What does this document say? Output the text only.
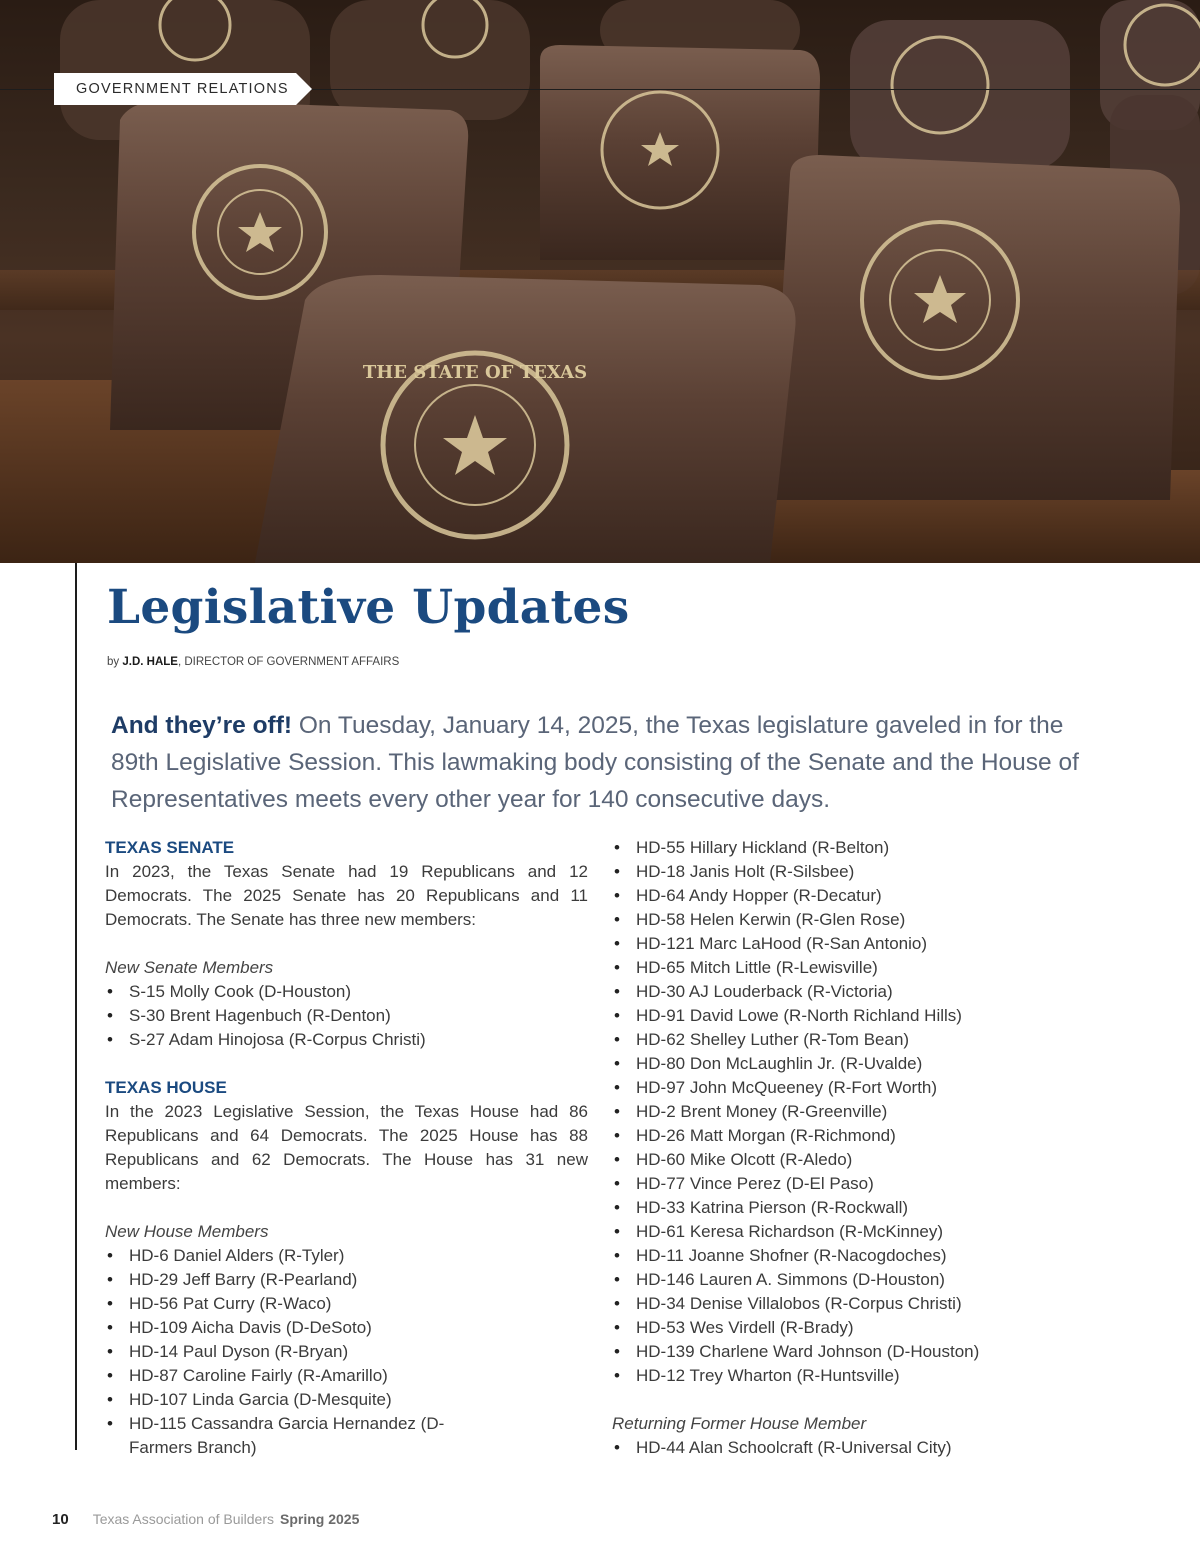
THE STATE OF TEXAS
GOVERNMENT RELATIONS
Legislative Updates
by J.D. HALE, DIRECTOR OF GOVERNMENT AFFAIRS

And they’re off! On Tuesday, January 14, 2025, the Texas legislature gaveled in for the 89th Legislative Session. This lawmaking body consisting of the Senate and the House of Representatives meets every other year for 140 consecutive days.

TEXAS SENATE

In 2023, the Texas Senate had 19 Republicans and 12 Democrats. The 2025 Senate has 20 Republicans and 11 Democrats. The Senate has three new members:

New Senate Members
• S-15 Molly Cook (D-Houston)
• S-30 Brent Hagenbuch (R-Denton)
• S-27 Adam Hinojosa (R-Corpus Christi)
TEXAS HOUSE

In the 2023 Legislative Session, the Texas House had 86 Republicans and 64 Democrats. The 2025 House has 88 Republicans and 62 Democrats. The House has 31 new members:

New House Members
• HD-6 Daniel Alders (R-Tyler)
• HD-29 Jeff Barry (R-Pearland)
• HD-56 Pat Curry (R-Waco)
• HD-109 Aicha Davis (D-DeSoto)
• HD-14 Paul Dyson (R-Bryan)
• HD-87 Caroline Fairly (R-Amarillo)
• HD-107 Linda Garcia (D-Mesquite)
• HD-115 Cassandra Garcia Hernandez (D-Farmers Branch)
• HD-55 Hillary Hickland (R-Belton)
• HD-18 Janis Holt (R-Silsbee)
• HD-64 Andy Hopper (R-Decatur)
• HD-58 Helen Kerwin (R-Glen Rose)
• HD-121 Marc LaHood (R-San Antonio)
• HD-65 Mitch Little (R-Lewisville)
• HD-30 AJ Louderback (R-Victoria)
• HD-91 David Lowe (R-North Richland Hills)
• HD-62 Shelley Luther (R-Tom Bean)
• HD-80 Don McLaughlin Jr. (R-Uvalde)
• HD-97 John McQueeney (R-Fort Worth)
• HD-2 Brent Money (R-Greenville)
• HD-26 Matt Morgan (R-Richmond)
• HD-60 Mike Olcott (R-Aledo)
• HD-77 Vince Perez (D-El Paso)
• HD-33 Katrina Pierson (R-Rockwall)
• HD-61 Keresa Richardson (R-McKinney)
• HD-11 Joanne Shofner (R-Nacogdoches)
• HD-146 Lauren A. Simmons (D-Houston)
• HD-34 Denise Villalobos (R-Corpus Christi)
• HD-53 Wes Virdell (R-Brady)
• HD-139 Charlene Ward Johnson (D-Houston)
• HD-12 Trey Wharton (R-Huntsville)
Returning Former House Member
• HD-44 Alan Schoolcraft (R-Universal City)
10 Texas Association of Builders Spring 2025
